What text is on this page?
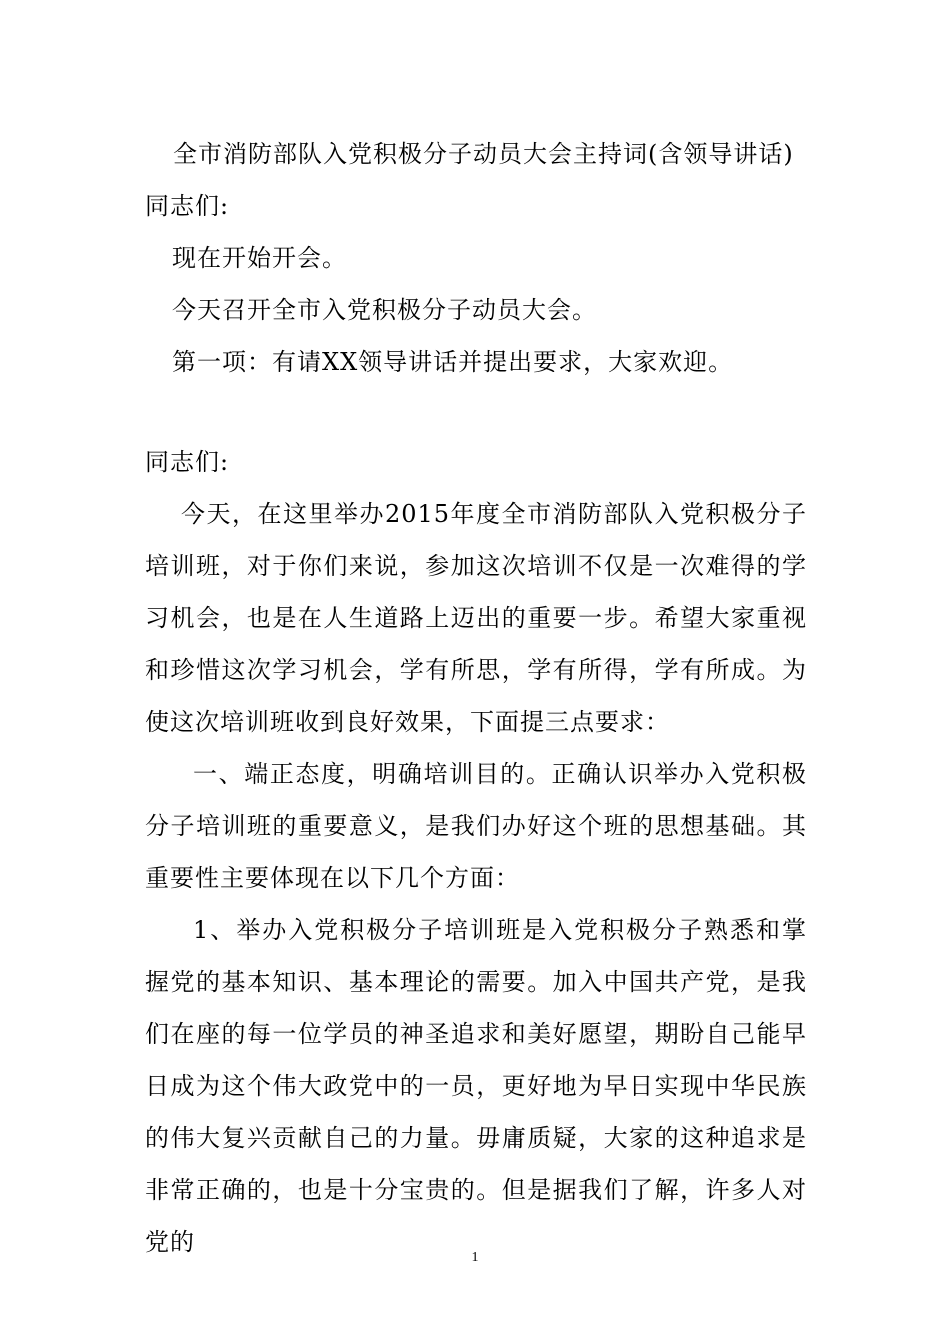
全市消防部队入党积极分子动员大会主持词(含领导讲话)

同志们:

现在开始开会。

今天召开全市入党积极分子动员大会。

第一项：有请XX领导讲话并提出要求，大家欢迎。

同志们:

今天，在这里举办2015年度全市消防部队入党积极分子培训班，对于你们来说，参加这次培训不仅是一次难得的学习机会，也是在人生道路上迈出的重要一步。希望大家重视和珍惜这次学习机会，学有所思，学有所得，学有所成。为使这次培训班收到良好效果，下面提三点要求：

一、端正态度，明确培训目的。正确认识举办入党积极分子培训班的重要意义，是我们办好这个班的思想基础。其重要性主要体现在以下几个方面：

1、举办入党积极分子培训班是入党积极分子熟悉和掌握党的基本知识、基本理论的需要。加入中国共产党，是我们在座的每一位学员的神圣追求和美好愿望，期盼自己能早日成为这个伟大政党中的一员，更好地为早日实现中华民族的伟大复兴贡献自己的力量。毋庸质疑，大家的这种追求是非常正确的，也是十分宝贵的。但是据我们了解，许多人对党的

1
